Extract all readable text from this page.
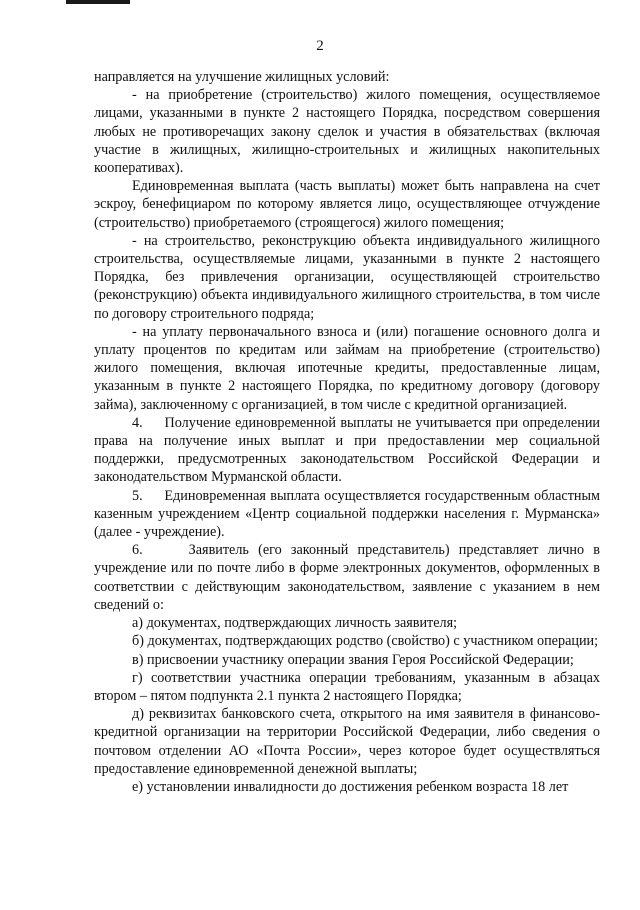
2

направляется на улучшение жилищных условий:

- на приобретение (строительство) жилого помещения, осуществляемое лицами, указанными в пункте 2 настоящего Порядка, посредством совершения любых не противоречащих закону сделок и участия в обязательствах (включая участие в жилищных, жилищно-строительных и жилищных накопительных кооперативах).

Единовременная выплата (часть выплаты) может быть направлена на счет эскроу, бенефициаром по которому является лицо, осуществляющее отчуждение (строительство) приобретаемого (строящегося) жилого помещения;

- на строительство, реконструкцию объекта индивидуального жилищного строительства, осуществляемые лицами, указанными в пункте 2 настоящего Порядка, без привлечения организации, осуществляющей строительство (реконструкцию) объекта индивидуального жилищного строительства, в том числе по договору строительного подряда;

- на уплату первоначального взноса и (или) погашение основного долга и уплату процентов по кредитам или займам на приобретение (строительство) жилого помещения, включая ипотечные кредиты, предоставленные лицам, указанным в пункте 2 настоящего Порядка, по кредитному договору (договору займа), заключенному с организацией, в том числе с кредитной организацией.

4.     Получение единовременной выплаты не учитывается при определении права на получение иных выплат и при предоставлении мер социальной поддержки, предусмотренных законодательством Российской Федерации и законодательством Мурманской области.

5.     Единовременная выплата осуществляется государственным областным казенным учреждением «Центр социальной поддержки населения г. Мурманска» (далее - учреждение).

6.     Заявитель (его законный представитель) представляет лично в учреждение или по почте либо в форме электронных документов, оформленных в соответствии с действующим законодательством, заявление с указанием в нем сведений о:

а) документах, подтверждающих личность заявителя;

б) документах, подтверждающих родство (свойство) с участником операции;

в) присвоении участнику операции звания Героя Российской Федерации;

г) соответствии участника операции требованиям, указанным в абзацах втором – пятом подпункта 2.1 пункта 2 настоящего Порядка;

д) реквизитах банковского счета, открытого на имя заявителя в финансово-кредитной организации на территории Российской Федерации, либо сведения о почтовом отделении АО «Почта России», через которое будет осуществляться предоставление единовременной денежной выплаты;

е) установлении инвалидности до достижения ребенком возраста 18 лет
